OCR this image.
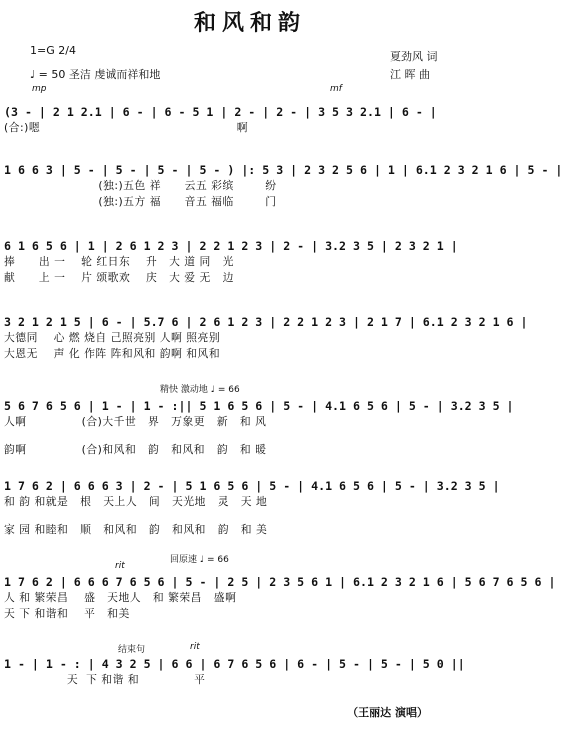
和风和韵
1=G 2/4
♩ = 50 圣洁 虔诚而祥和地
夏劲风 词
江 晖 曲
mp	mf
精快 激动地 ♩ = 66
rit
回原速 ♩ = 66
rit
结束句
(3 - | 2 1 2.1 | 6 - | 6 - 5 1 | 2 - | 2 - | 3 5 3 2.1 | 6 - |
(合:)嗯                                                  啊
1 6 6 3 | 5 - | 5 - | 5 - | 5 - ) |: 5 3 | 2 3 2 5 6 | 1 | 6.1 2 3 2 1 6 | 5 - |
(独:)五色 祥      云五 彩缤        纷
(独:)五方 福      音五 福临        门
6 1 6 5 6 | 1 | 2 6 1 2 3 | 2 2 1 2 3 | 2 - | 3.2 3 5 | 2 3 2 1 |
捧      出 一    轮 红日东    升   大 道 同   光
献      上 一    片 颂歌欢    庆   大 爱 无   边
3 2 1 2 1 5 | 6 - | 5.7 6 | 2 6 1 2 3 | 2 2 1 2 3 | 2 1 7 | 6.1 2 3 2 1 6 |
大德同    心 燃 烧自 己照亮别 人啊 照亮别
大恩无    声 化 作阵 阵和风和 韵啊 和风和
5 6 7 6 5 6 | 1 - | 1 - :|| 5 1 6 5 6 | 5 - | 4.1 6 5 6 | 5 - | 3.2 3 5 |
人啊              (合)大千世   界   万象更   新   和 风
韵啊              (合)和风和   韵   和风和   韵   和 暖
1 7 6 2 | 6 6 6 3 | 2 - | 5 1 6 5 6 | 5 - | 4.1 6 5 6 | 5 - | 3.2 3 5 |
和 韵 和就是   根   天上人   间   天光地   灵   天 地
家 园 和睦和   顺   和风和   韵   和风和   韵   和 美
1 7 6 2 | 6 6 6 7 6 5 6 | 5 - | 2 5 | 2 3 5 6 1 | 6.1 2 3 2 1 6 | 5 6 7 6 5 6 |
人 和 繁荣昌    盛   天地人   和 繁荣昌   盛啊
天 下 和谐和    平   和美
1 - | 1 - : | 4 3 2 5 | 6 6 | 6 7 6 5 6 | 6 - | 5 - | 5 - | 5 0 ||
天  下 和谐 和              平
（王丽达 演唱）
